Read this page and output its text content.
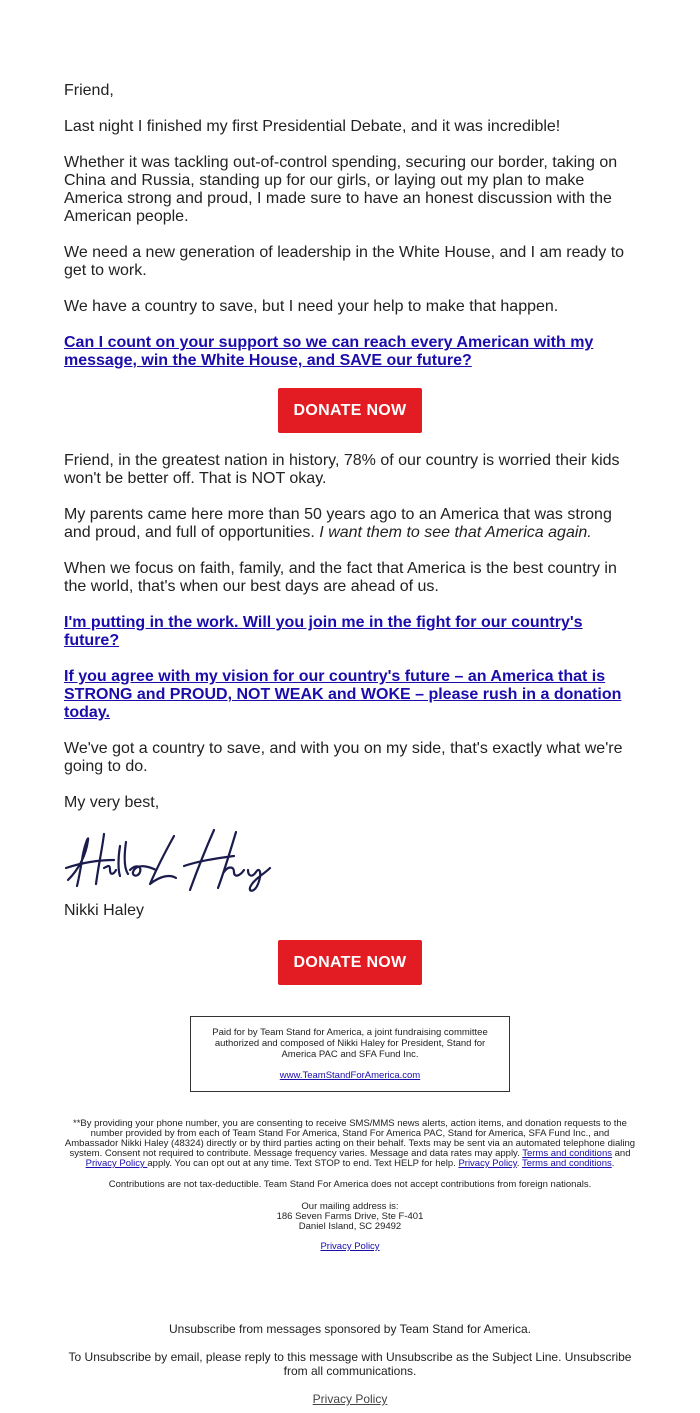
Friend,

Last night I finished my first Presidential Debate, and it was incredible!

Whether it was tackling out-of-control spending, securing our border, taking on China and Russia, standing up for our girls, or laying out my plan to make America strong and proud, I made sure to have an honest discussion with the American people.

We need a new generation of leadership in the White House, and I am ready to get to work.

We have a country to save, but I need your help to make that happen.

Can I count on your support so we can reach every American with my message, win the White House, and SAVE our future?

DONATE NOW

Friend, in the greatest nation in history, 78% of our country is worried their kids won't be better off. That is NOT okay.

My parents came here more than 50 years ago to an America that was strong and proud, and full of opportunities. I want them to see that America again.

When we focus on faith, family, and the fact that America is the best country in the world, that's when our best days are ahead of us.

I'm putting in the work. Will you join me in the fight for our country's future?

If you agree with my vision for our country's future – an America that is STRONG and PROUD, NOT WEAK and WOKE – please rush in a donation today.

We've got a country to save, and with you on my side, that's exactly what we're going to do.

My very best,

Nikki Haley

DONATE NOW
Paid for by Team Stand for America, a joint fundraising committee authorized and composed of Nikki Haley for President, Stand for America PAC and SFA Fund Inc.
www.TeamStandForAmerica.com

**By providing your phone number, you are consenting to receive SMS/MMS news alerts, action items, and donation requests to the number provided by from each of Team Stand For America, Stand For America PAC, Stand for America, SFA Fund Inc., and Ambassador Nikki Haley (48324) directly or by third parties acting on their behalf. Texts may be sent via an automated telephone dialing system. Consent not required to contribute. Message frequency varies. Message and data rates may apply. Terms and conditions and Privacy Policy apply. You can opt out at any time. Text STOP to end. Text HELP for help. Privacy Policy. Terms and conditions.

Contributions are not tax-deductible. Team Stand For America does not accept contributions from foreign nationals.

Our mailing address is:

186 Seven Farms Drive, Ste F-401

Daniel Island, SC 29492

Privacy Policy

Unsubscribe from messages sponsored by Team Stand for America.

To Unsubscribe by email, please reply to this message with Unsubscribe as the Subject Line. Unsubscribe from all communications.

Privacy Policy
